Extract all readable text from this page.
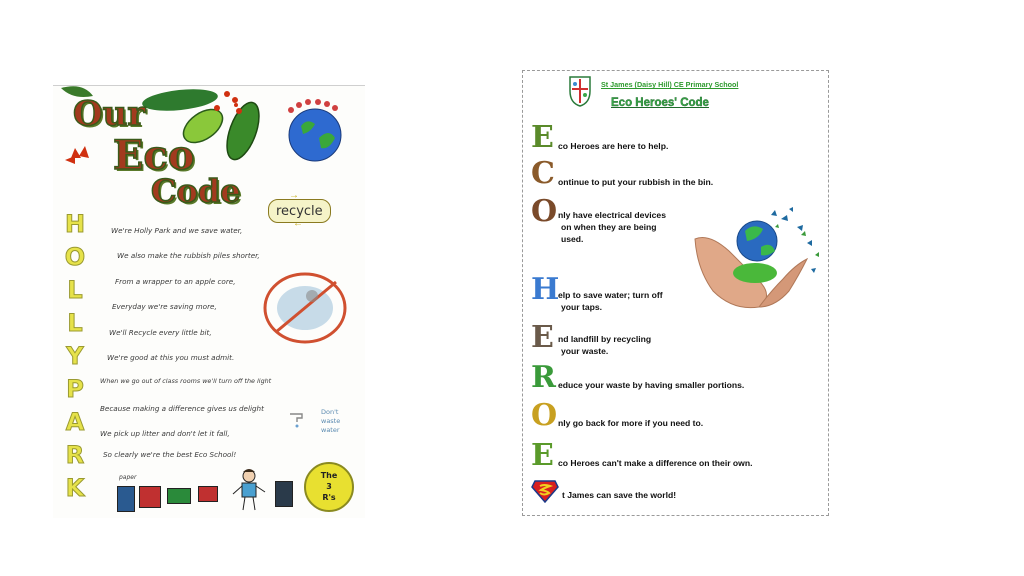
Our
Eco
Code
recycle
→
←
H
O
L
L
Y
P
A
R
K
We're Holly Park and we save water,
We also make the rubbish piles shorter,
From a wrapper to an apple core,
Everyday we're saving more,
We'll Recycle every little bit,
We're good at this you must admit.
When we go out of class rooms we'll turn off the light
Because making a difference gives us delight
We pick up litter and don't let it fall,
So clearly we're the best Eco School!
Don't
waste
water
paper	The
3
R's
St James (Daisy Hill) CE Primary School
Eco Heroes' Code
E co Heroes are here to help.
C ontinue to put your rubbish in the bin.
O nly have electrical devices
on when they are being
used.
H
elp to save water; turn off
your taps.
E nd landfill by recycling
your waste.
R educe your waste by having smaller portions.
O nly go back for more if you need to.
E co Heroes can't make a difference on their own.
t James can save the world!
